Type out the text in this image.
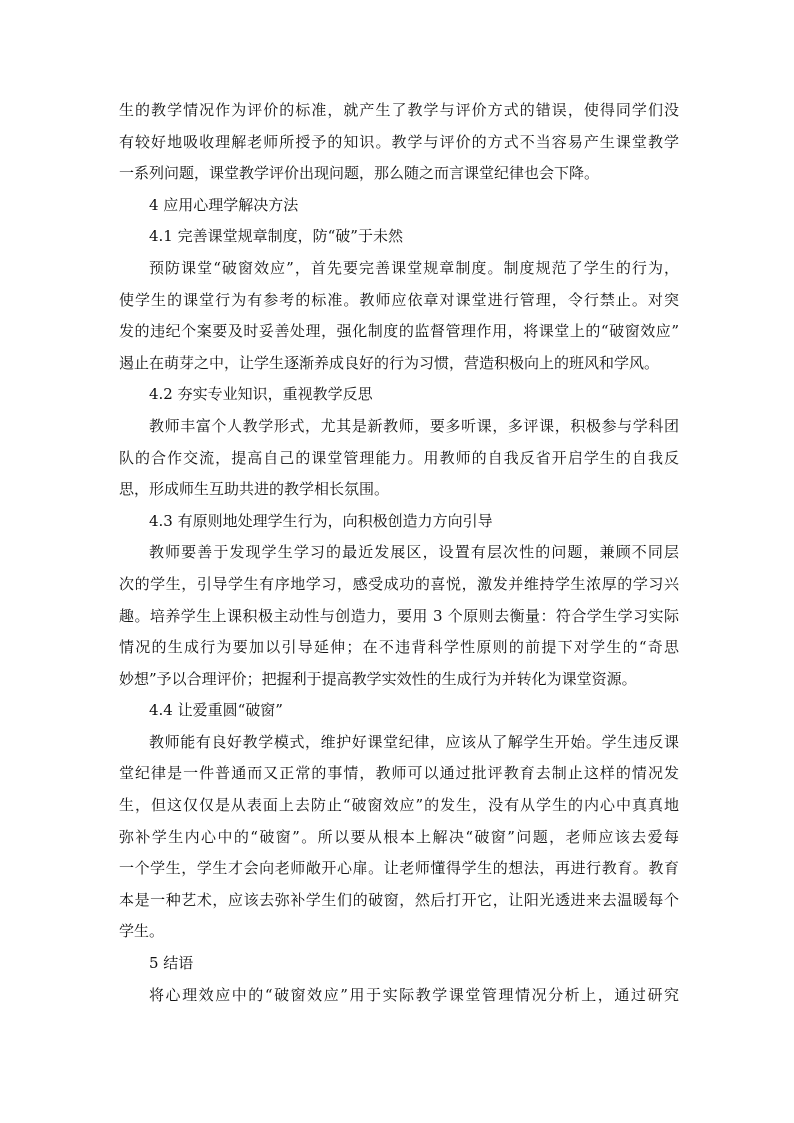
生的教学情况作为评价的标准，就产生了教学与评价方式的错误，使得同学们没
有较好地吸收理解老师所授予的知识。教学与评价的方式不当容易产生课堂教学
一系列问题，课堂教学评价出现问题，那么随之而言课堂纪律也会下降。
4 应用心理学解决方法
4.1 完善课堂规章制度，防“破”于未然
预防课堂“破窗效应”，首先要完善课堂规章制度。制度规范了学生的行为，
使学生的课堂行为有参考的标准。教师应依章对课堂进行管理，令行禁止。对突
发的违纪个案要及时妥善处理，强化制度的监督管理作用，将课堂上的“破窗效应”
遏止在萌芽之中，让学生逐渐养成良好的行为习惯，营造积极向上的班风和学风。
4.2 夯实专业知识，重视教学反思
教师丰富个人教学形式，尤其是新教师，要多听课，多评课，积极参与学科团
队的合作交流，提高自己的课堂管理能力。用教师的自我反省开启学生的自我反
思，形成师生互助共进的教学相长氛围。
4.3 有原则地处理学生行为，向积极创造力方向引导
教师要善于发现学生学习的最近发展区，设置有层次性的问题，兼顾不同层
次的学生，引导学生有序地学习，感受成功的喜悦，激发并维持学生浓厚的学习兴
趣。培养学生上课积极主动性与创造力，要用 3 个原则去衡量：符合学生学习实际
情况的生成行为要加以引导延伸；在不违背科学性原则的前提下对学生的“奇思
妙想”予以合理评价；把握利于提高教学实效性的生成行为并转化为课堂资源。
4.4 让爱重圆“破窗”
教师能有良好教学模式，维护好课堂纪律，应该从了解学生开始。学生违反课
堂纪律是一件普通而又正常的事情，教师可以通过批评教育去制止这样的情况发
生，但这仅仅是从表面上去防止“破窗效应”的发生，没有从学生的内心中真真地
弥补学生内心中的“破窗”。所以要从根本上解决“破窗”问题，老师应该去爱每
一个学生，学生才会向老师敞开心扉。让老师懂得学生的想法，再进行教育。教育
本是一种艺术，应该去弥补学生们的破窗，然后打开它，让阳光透进来去温暖每个
学生。
5 结语
将心理效应中的“破窗效应”用于实际教学课堂管理情况分析上，通过研究
